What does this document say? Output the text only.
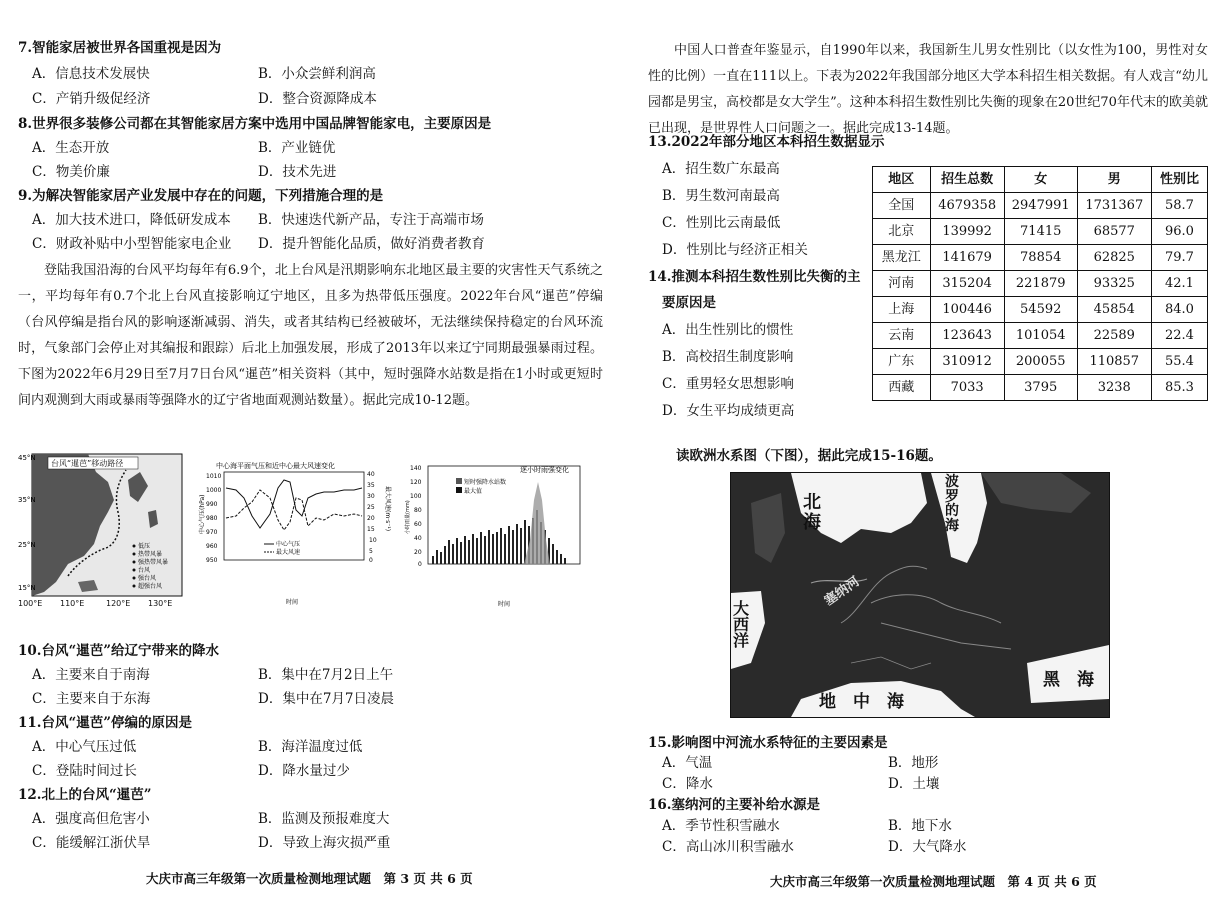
7.智能家居被世界各国重视是因为
A．信息技术发展快	B．小众尝鲜利润高
C．产销升级促经济	D．整合资源降成本
8.世界很多装修公司都在其智能家居方案中选用中国品牌智能家电，主要原因是
A．生态开放	B．产业链优
C．物美价廉	D．技术先进
9.为解决智能家居产业发展中存在的问题，下列措施合理的是
A．加大技术进口，降低研发成本 B．快速迭代新产品，专注于高端市场
C．财政补贴中小型智能家电企业 D．提升智能化品质，做好消费者教育
登陆我国沿海的台风平均每年有6.9个，北上台风是汛期影响东北地区最主要的灾害性天气系统之一，平均每年有0.7个北上台风直接影响辽宁地区，且多为热带低压强度。2022年台风“暹芭”停编（台风停编是指台风的影响逐渐减弱、消失，或者其结构已经被破坏，无法继续保持稳定的台风环流时，气象部门会停止对其编报和跟踪）后北上加强发展，形成了2013年以来辽宁同期最强暴雨过程。下图为2022年6月29日至7月7日台风“暹芭”相关资料（其中，短时强降水站数是指在1小时或更短时间内观测到大雨或暴雨等强降水的辽宁省地面观测站数量）。据此完成10-12题。
台风“暹芭”移动路径
45°N
35°N
25°N
15°N
低压
热带风暴
强热带风暴
台风
强台风
超强台风
100°E 110°E	120°E 130°E
中心海平面气压和近中心最大风速变化
1010
1000
990
980
970
960
950
40
35
30
25
20
15
10
5
0
中心气压
最大风速
时间
中心气压(hPa)	最大风速(m·s⁻¹)
逐小时雨强变化
短时强降水站数
最大值
140
120
100
80
60
40
20
0
时间
小时雨量(mm)
10.台风“暹芭”给辽宁带来的降水
A．主要来自于南海	B．集中在7月2日上午
C．主要来自于东海	D．集中在7月7日凌晨
11.台风“暹芭”停编的原因是
A．中心气压过低	B．海洋温度过低
C．登陆时间过长	D．降水量过少
12.北上的台风“暹芭”
A．强度高但危害小	B．监测及预报难度大
C．能缓解江浙伏旱	D．导致上海灾损严重
大庆市高三年级第一次质量检测地理试题　第 3 页 共 6 页
中国人口普查年鉴显示，自1990年以来，我国新生儿男女性别比（以女性为100，男性对女性的比例）一直在111以上。下表为2022年我国部分地区大学本科招生相关数据。有人戏言“幼儿园都是男宝，高校都是女大学生”。这种本科招生数性别比失衡的现象在20世纪70年代末的欧美就已出现，是世界性人口问题之一。据此完成13-14题。
13.2022年部分地区本科招生数据显示
A．招生数广东最高
B．男生数河南最高
C．性别比云南最低
D．性别比与经济正相关
14.推测本科招生数性别比失衡的主
要原因是
A．出生性别比的惯性
B．高校招生制度影响
C．重男轻女思想影响
D．女生平均成绩更高
地区	招生总数	女	男	性别比
全国	4679358	2947991	1731367	58.7
北京	139992	71415	68577	96.0
黑龙江	141679	78854	62825	79.7
河南	315204	221879	93325	42.1
上海	100446	54592	45854	84.0
云南	123643	101054	22589	22.4
广东	310912	200055	110857	55.4
西藏	7033	3795	3238	85.3
读欧洲水系图（下图），据此完成15-16题。
北
海
波
罗
的
海
大
西
洋
塞纳河
黑　海
地　中　海
15.影响图中河流水系特征的主要因素是
A．气温	B．地形
C．降水	D．土壤
16.塞纳河的主要补给水源是
A．季节性积雪融水	B．地下水
C．高山冰川积雪融水	D．大气降水
大庆市高三年级第一次质量检测地理试题　第 4 页 共 6 页
